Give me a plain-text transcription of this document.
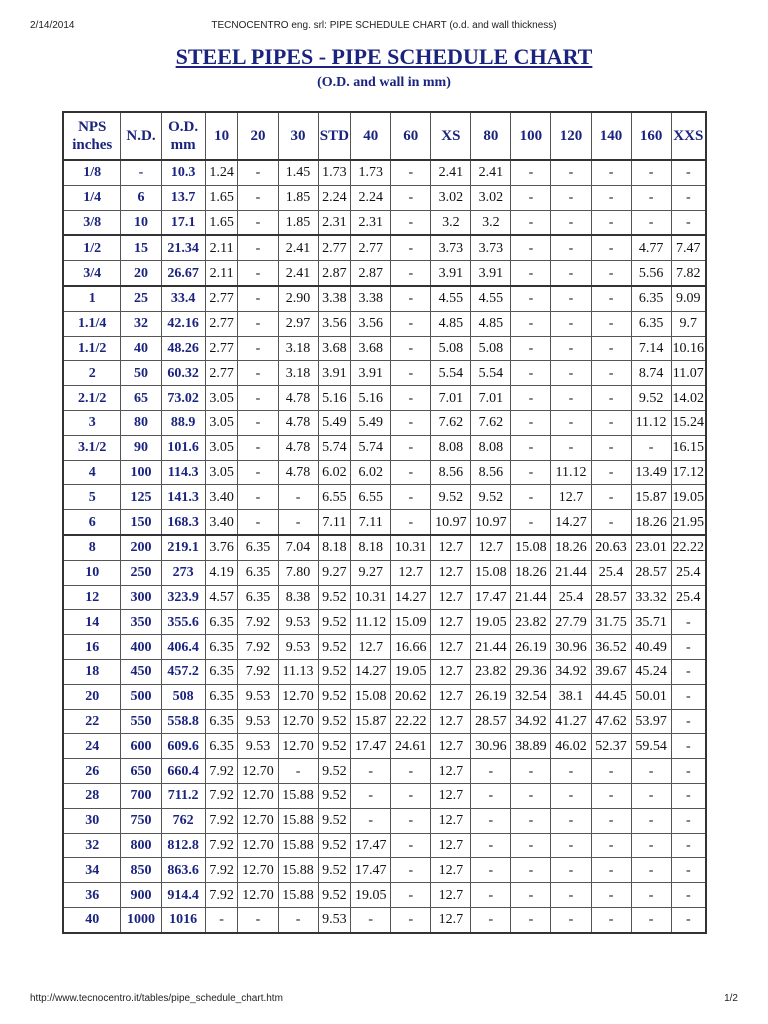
2/14/2014	TECNOCENTRO eng. srl: PIPE SCHEDULE CHART (o.d. and wall thickness)
STEEL PIPES - PIPE SCHEDULE CHART
(O.D. and wall in mm)
NPS inches	N.D.	O.D. mm	10	20	30	STD	40	60	XS	80	100	120	140	160	XXS
1/8	-	10.3	1.24	-	1.45	1.73	1.73	-	2.41	2.41	-	-	-	-	-
1/4	6	13.7	1.65	-	1.85	2.24	2.24	-	3.02	3.02	-	-	-	-	-
3/8	10	17.1	1.65	-	1.85	2.31	2.31	-	3.2	3.2	-	-	-	-	-
1/2	15	21.34	2.11	-	2.41	2.77	2.77	-	3.73	3.73	-	-	-	4.77	7.47
3/4	20	26.67	2.11	-	2.41	2.87	2.87	-	3.91	3.91	-	-	-	5.56	7.82
1	25	33.4	2.77	-	2.90	3.38	3.38	-	4.55	4.55	-	-	-	6.35	9.09
1.1/4	32	42.16	2.77	-	2.97	3.56	3.56	-	4.85	4.85	-	-	-	6.35	9.7
1.1/2	40	48.26	2.77	-	3.18	3.68	3.68	-	5.08	5.08	-	-	-	7.14	10.16
2	50	60.32	2.77	-	3.18	3.91	3.91	-	5.54	5.54	-	-	-	8.74	11.07
2.1/2	65	73.02	3.05	-	4.78	5.16	5.16	-	7.01	7.01	-	-	-	9.52	14.02
3	80	88.9	3.05	-	4.78	5.49	5.49	-	7.62	7.62	-	-	-	11.12	15.24
3.1/2	90	101.6	3.05	-	4.78	5.74	5.74	-	8.08	8.08	-	-	-	-	16.15
4	100	114.3	3.05	-	4.78	6.02	6.02	-	8.56	8.56	-	11.12	-	13.49	17.12
5	125	141.3	3.40	-	-	6.55	6.55	-	9.52	9.52	-	12.7	-	15.87	19.05
6	150	168.3	3.40	-	-	7.11	7.11	-	10.97	10.97	-	14.27	-	18.26	21.95
8	200	219.1	3.76	6.35	7.04	8.18	8.18	10.31	12.7	12.7	15.08	18.26	20.63	23.01	22.22
10	250	273	4.19	6.35	7.80	9.27	9.27	12.7	12.7	15.08	18.26	21.44	25.4	28.57	25.4
12	300	323.9	4.57	6.35	8.38	9.52	10.31	14.27	12.7	17.47	21.44	25.4	28.57	33.32	25.4
14	350	355.6	6.35	7.92	9.53	9.52	11.12	15.09	12.7	19.05	23.82	27.79	31.75	35.71	-
16	400	406.4	6.35	7.92	9.53	9.52	12.7	16.66	12.7	21.44	26.19	30.96	36.52	40.49	-
18	450	457.2	6.35	7.92	11.13	9.52	14.27	19.05	12.7	23.82	29.36	34.92	39.67	45.24	-
20	500	508	6.35	9.53	12.70	9.52	15.08	20.62	12.7	26.19	32.54	38.1	44.45	50.01	-
22	550	558.8	6.35	9.53	12.70	9.52	15.87	22.22	12.7	28.57	34.92	41.27	47.62	53.97	-
24	600	609.6	6.35	9.53	12.70	9.52	17.47	24.61	12.7	30.96	38.89	46.02	52.37	59.54	-
26	650	660.4	7.92	12.70	-	9.52	-	-	12.7	-	-	-	-	-	-
28	700	711.2	7.92	12.70	15.88	9.52	-	-	12.7	-	-	-	-	-	-
30	750	762	7.92	12.70	15.88	9.52	-	-	12.7	-	-	-	-	-	-
32	800	812.8	7.92	12.70	15.88	9.52	17.47	-	12.7	-	-	-	-	-	-
34	850	863.6	7.92	12.70	15.88	9.52	17.47	-	12.7	-	-	-	-	-	-
36	900	914.4	7.92	12.70	15.88	9.52	19.05	-	12.7	-	-	-	-	-	-
40	1000	1016	-	-	-	9.53	-	-	12.7	-	-	-	-	-	-
http://www.tecnocentro.it/tables/pipe_schedule_chart.htm	1/2
